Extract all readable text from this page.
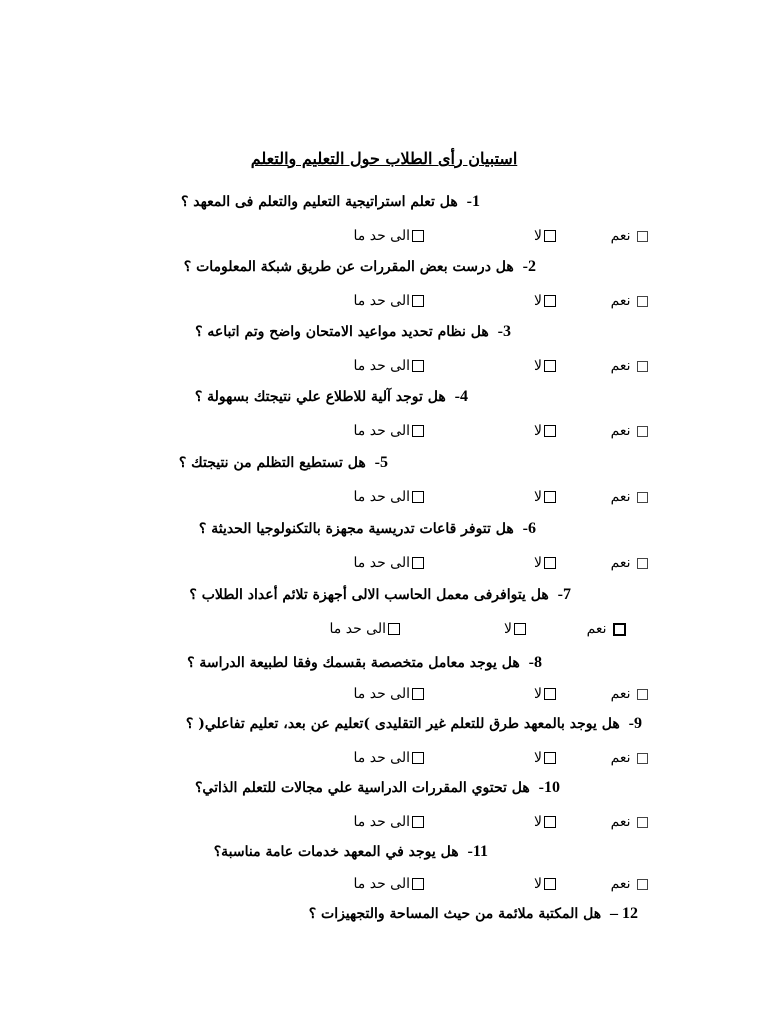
استبيان رأى الطلاب حول التعليم والتعلم
1- هل تعلم استراتيجية التعليم والتعلم فى المعهد ؟
نعم
لا
الى حد ما
2- هل درست بعض المقررات عن طريق شبكة المعلومات ؟
نعم
لا
الى حد ما
3- هل نظام تحديد مواعيد الامتحان واضح وتم اتباعه ؟
نعم
لا
الى حد ما
4- هل توجد آلية للاطلاع علي نتيجتك بسهولة ؟
نعم
لا
الى حد ما
5- هل تستطيع التظلم من نتيجتك ؟
نعم
لا
الى حد ما
6- هل تتوفر قاعات تدريسية مجهزة بالتكنولوجيا الحديثة ؟
نعم
لا
الى حد ما
7- هل يتوافرفى معمل الحاسب الالى أجهزة تلائم أعداد الطلاب ؟
نعم
لا
الى حد ما
8- هل يوجد معامل متخصصة بقسمك وفقا لطبيعة الدراسة ؟
نعم
لا
الى حد ما
9- هل يوجد بالمعهد طرق للتعلم غير التقليدى )تعليم عن بعد، تعليم تفاعلي( ؟
نعم
لا
الى حد ما
10- هل تحتوي المقررات الدراسية علي مجالات للتعلم الذاتي؟
نعم
لا
الى حد ما
11- هل يوجد في المعهد خدمات عامة مناسبة؟
نعم
لا
الى حد ما
12 – هل المكتبة ملائمة من حيث المساحة والتجهيزات ؟
